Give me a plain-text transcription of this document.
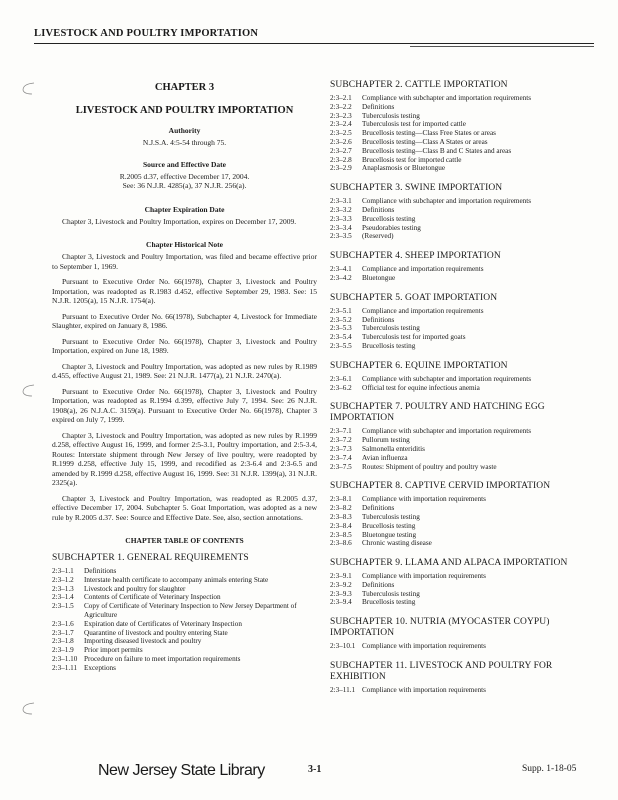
LIVESTOCK AND POULTRY IMPORTATION
CHAPTER 3
LIVESTOCK AND POULTRY IMPORTATION
Authority
N.J.S.A. 4:5-54 through 75.
Source and Effective Date
R.2005 d.37, effective December 17, 2004.
See: 36 N.J.R. 4285(a), 37 N.J.R. 256(a).
Chapter Expiration Date

Chapter 3, Livestock and Poultry Importation, expires on December 17, 2009.

Chapter Historical Note

Chapter 3, Livestock and Poultry Importation, was filed and became effective prior to September 1, 1969.

Pursuant to Executive Order No. 66(1978), Chapter 3, Livestock and Poultry Importation, was readopted as R.1983 d.452, effective September 29, 1983. See: 15 N.J.R. 1205(a), 15 N.J.R. 1754(a).

Pursuant to Executive Order No. 66(1978), Subchapter 4, Livestock for Immediate Slaughter, expired on January 8, 1986.

Pursuant to Executive Order No. 66(1978), Chapter 3, Livestock and Poultry Importation, expired on June 18, 1989.

Chapter 3, Livestock and Poultry Importation, was adopted as new rules by R.1989 d.455, effective August 21, 1989. See: 21 N.J.R. 1477(a), 21 N.J.R. 2470(a).

Pursuant to Executive Order No. 66(1978), Chapter 3, Livestock and Poultry Importation, was readopted as R.1994 d.399, effective July 7, 1994. See: 26 N.J.R. 1908(a), 26 N.J.A.C. 3159(a). Pursuant to Executive Order No. 66(1978), Chapter 3 expired on July 7, 1999.

Chapter 3, Livestock and Poultry Importation, was adopted as new rules by R.1999 d.258, effective August 16, 1999, and former 2:5-3.1, Poultry importation, and 2:5-3.4, Routes: Interstate shipment through New Jersey of live poultry, were readopted by R.1999 d.258, effective July 15, 1999, and recodified as 2:3-6.4 and 2:3-6.5 and amended by R.1999 d.258, effective August 16, 1999. See: 31 N.J.R. 1399(a), 31 N.J.R. 2325(a).

Chapter 3, Livestock and Poultry Importation, was readopted as R.2005 d.37, effective December 17, 2004. Subchapter 5. Goat Importation, was adopted as a new rule by R.2005 d.37. See: Source and Effective Date. See, also, section annotations.

CHAPTER TABLE OF CONTENTS
SUBCHAPTER 1. GENERAL REQUIREMENTS
2:3–1.1	Definitions
2:3–1.2	Interstate health certificate to accompany animals entering State
2:3–1.3	Livestock and poultry for slaughter
2:3–1.4	Contents of Certificate of Veterinary Inspection
2:3–1.5	Copy of Certificate of Veterinary Inspection to New Jersey Department of Agriculture
2:3–1.6	Expiration date of Certificates of Veterinary Inspection
2:3–1.7	Quarantine of livestock and poultry entering State
2:3–1.8	Importing diseased livestock and poultry
2:3–1.9	Prior import permits
2:3–1.10 Procedure on failure to meet importation requirements
2:3–1.11 Exceptions
SUBCHAPTER 2. CATTLE IMPORTATION
2:3–2.1	Compliance with subchapter and importation requirements
2:3–2.2	Definitions
2:3–2.3	Tuberculosis testing
2:3–2.4	Tuberculosis test for imported cattle
2:3–2.5	Brucellosis testing—Class Free States or areas
2:3–2.6	Brucellosis testing—Class A States or areas
2:3–2.7	Brucellosis testing—Class B and C States and areas
2:3–2.8	Brucellosis test for imported cattle
2:3–2.9	Anaplasmosis or Bluetongue
SUBCHAPTER 3. SWINE IMPORTATION
2:3–3.1	Compliance with subchapter and importation requirements
2:3–3.2	Definitions
2:3–3.3	Brucellosis testing
2:3–3.4	Pseudorabies testing
2:3–3.5	(Reserved)
SUBCHAPTER 4. SHEEP IMPORTATION
2:3–4.1	Compliance and importation requirements
2:3–4.2	Bluetongue
SUBCHAPTER 5. GOAT IMPORTATION
2:3–5.1	Compliance and importation requirements
2:3–5.2	Definitions
2:3–5.3	Tuberculosis testing
2:3–5.4	Tuberculosis test for imported goats
2:3–5.5	Brucellosis testing
SUBCHAPTER 6. EQUINE IMPORTATION
2:3–6.1	Compliance with subchapter and importation requirements
2:3–6.2	Official test for equine infectious anemia
SUBCHAPTER 7. POULTRY AND HATCHING EGG IMPORTATION
2:3–7.1	Compliance with subchapter and importation requirements
2:3–7.2	Pullorum testing
2:3–7.3	Salmonella enteriditis
2:3–7.4	Avian influenza
2:3–7.5	Routes: Shipment of poultry and poultry waste
SUBCHAPTER 8. CAPTIVE CERVID IMPORTATION
2:3–8.1	Compliance with importation requirements
2:3–8.2	Definitions
2:3–8.3	Tuberculosis testing
2:3–8.4	Brucellosis testing
2:3–8.5	Bluetongue testing
2:3–8.6	Chronic wasting disease
SUBCHAPTER 9. LLAMA AND ALPACA IMPORTATION
2:3–9.1	Compliance with importation requirements
2:3–9.2	Definitions
2:3–9.3	Tuberculosis testing
2:3–9.4	Brucellosis testing
SUBCHAPTER 10. NUTRIA (MYOCASTER COYPU) IMPORTATION
2:3–10.1 Compliance with importation requirements
SUBCHAPTER 11. LIVESTOCK AND POULTRY FOR EXHIBITION
2:3–11.1 Compliance with importation requirements
New Jersey State Library	3-1	Supp. 1-18-05
